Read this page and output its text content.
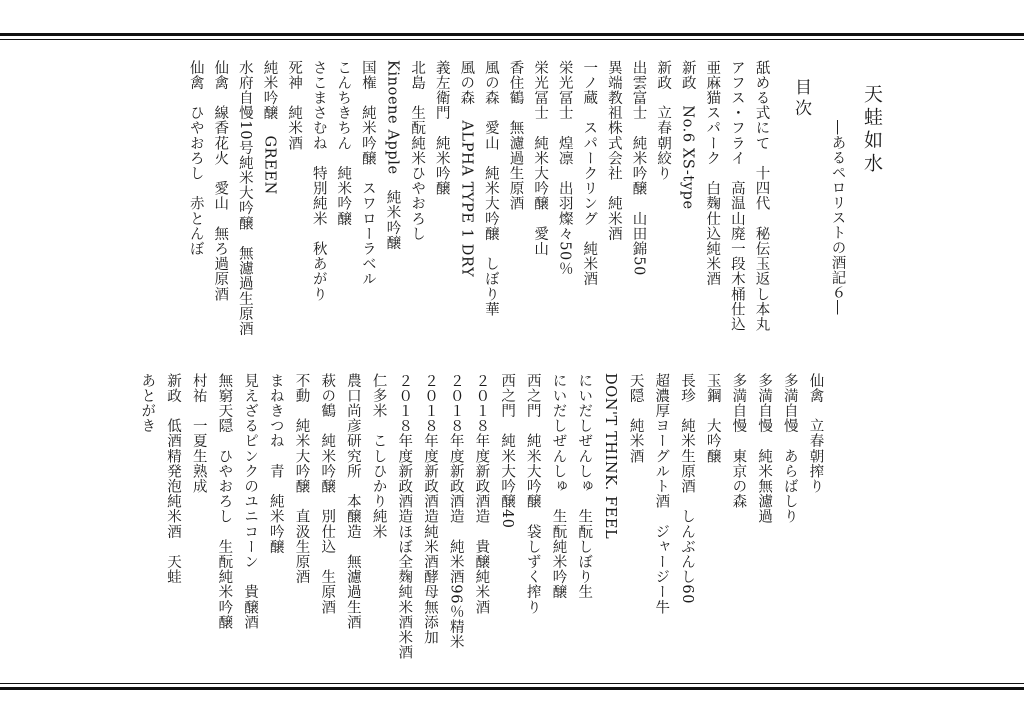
天蛙如水
―あるペロリストの酒記６―
目次
舐める式にて　十四代　秘伝玉返し本丸
アフス・フライ　高温山廃一段木桶仕込
亜麻猫スパーク　白麹仕込純米酒
新政　No.6 XS-type
新政　立春朝絞り
出雲富士　純米吟醸　山田錦50
異端教祖株式会社　純米酒
一ノ蔵　スパークリング　純米酒
栄光冨士　煌凛　出羽燦々50％
栄光冨士　純米大吟醸　愛山
香住鶴　無濾過生原酒
風の森　愛山　純米大吟醸　しぼり華
風の森　ALPHA TYPE 1 DRY
義左衛門　純米吟醸
北島　生酛純米ひやおろし
Kinoene Apple　純米吟醸
国権　純米吟醸　スワローラベル
こんちきちん　純米吟醸
さこまさむね　特別純米　秋あがり
死神　純米酒
純米吟醸　GREEN
水府自慢10号純米大吟醸　無濾過生原酒
仙禽　線香花火　愛山　無ろ過原酒
仙禽　ひやおろし　赤とんぼ
仙禽　立春朝搾り
多満自慢　あらばしり
多満自慢　純米無濾過
多満自慢　東京の森
玉鋼　大吟醸
長珍　純米生原酒　しんぶんし60
超濃厚ヨーグルト酒　ジャージー牛
天隠　純米酒
DON'T THINK. FEEL
にいだしぜんしゅ　生酛しぼり生
にいだしぜんしゅ　生酛純米吟醸
西之門　純米大吟醸　袋しずく搾り
西之門　純米大吟醸40
２０１８年度新政酒造　貴醸純米酒
２０１８年度新政酒造　純米酒96％精米
２０１８年度新政酒造純米酒酵母無添加
２０１８年度新政酒造ほぼ全麹純米酒米酒
仁多米　こしひかり純米
農口尚彦研究所　本醸造　無濾過生酒
萩の鶴　純米吟醸　別仕込　生原酒
不動　純米大吟醸　直汲生原酒
まねきつね　青　純米吟醸
見えざるピンクのユニコーン　貴醸酒
無窮天隠　ひやおろし　生酛純米吟醸
村祐　一夏生熟成
新政　低酒精発泡純米酒　天蛙
あとがき
